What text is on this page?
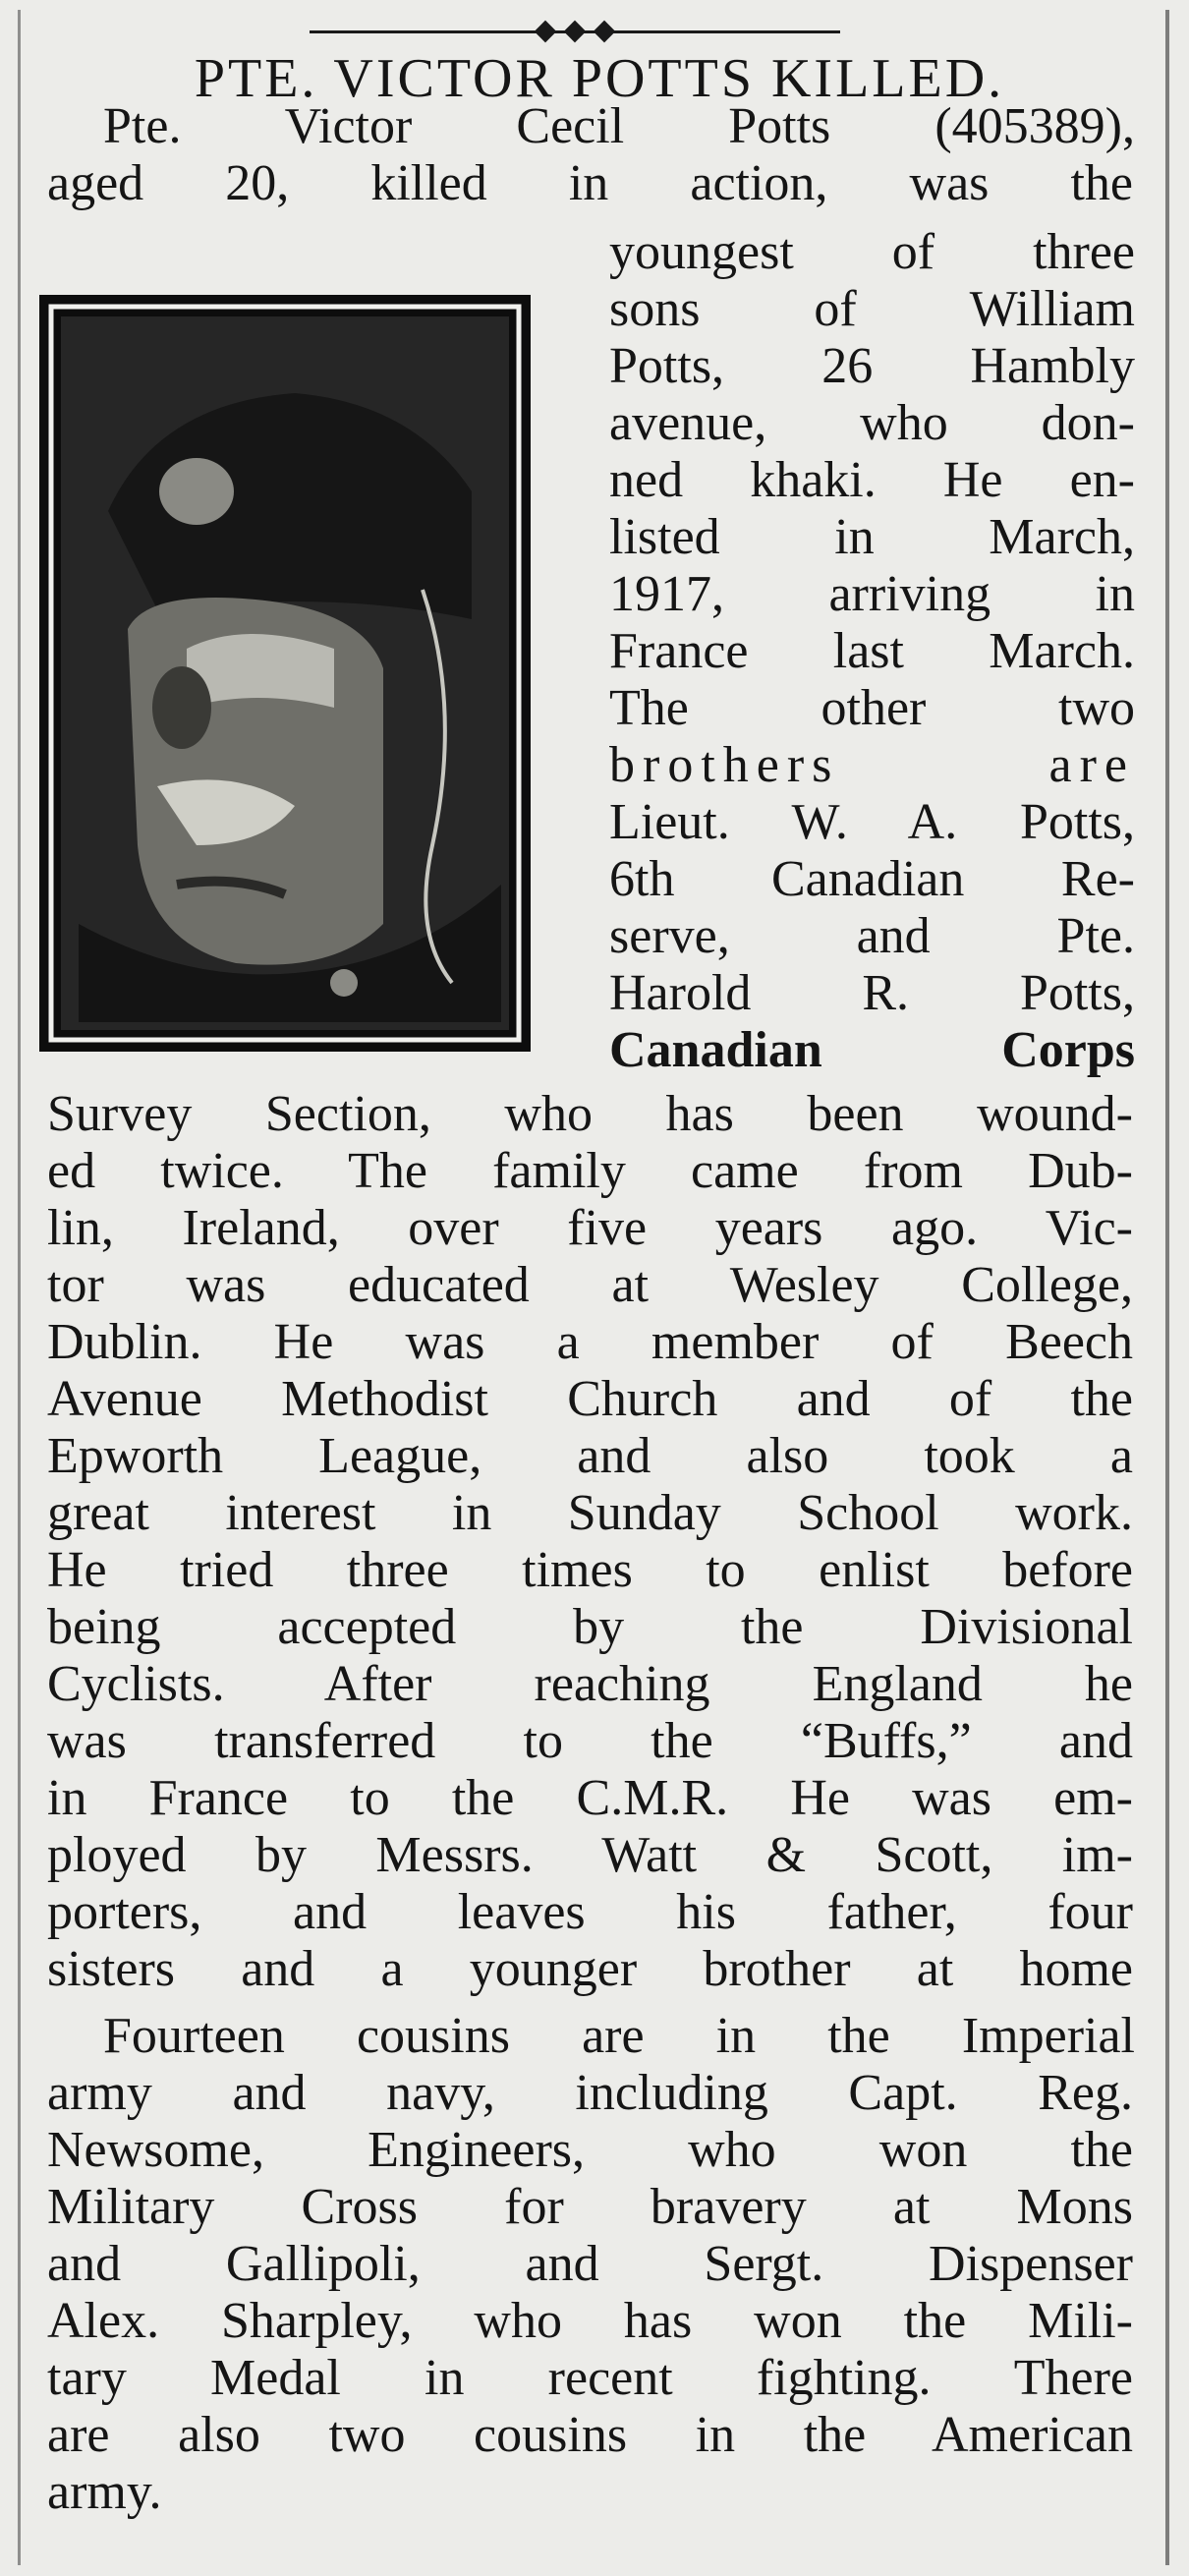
PTE. VICTOR POTTS KILLED.
Pte. Victor Cecil Potts (405389),
aged 20, killed in action, was the
youngest of three
sons of William
Potts, 26 Hambly
avenue, who don-
ned khaki. He en-
listed in March,
1917, arriving in
France last March.
The other two
brothers are
Lieut. W. A. Potts,
6th Canadian Re-
serve, and Pte.
Harold R. Potts,
Canadian Corps
Survey Section, who has been wound-
ed twice. The family came from Dub-
lin, Ireland, over five years ago. Vic-
tor was educated at Wesley College,
Dublin. He was a member of Beech
Avenue Methodist Church and of the
Epworth League, and also took a
great interest in Sunday School work.
He tried three times to enlist before
being accepted by the Divisional
Cyclists. After reaching England he
was transferred to the “Buffs,” and
in France to the C.M.R. He was em-
ployed by Messrs. Watt & Scott, im-
porters, and leaves his father, four
sisters and a younger brother at home
Fourteen cousins are in the Imperial
army and navy, including Capt. Reg.
Newsome, Engineers, who won the
Military Cross for bravery at Mons
and Gallipoli, and Sergt. Dispenser
Alex. Sharpley, who has won the Mili-
tary Medal in recent fighting. There
are also two cousins in the American
army.
